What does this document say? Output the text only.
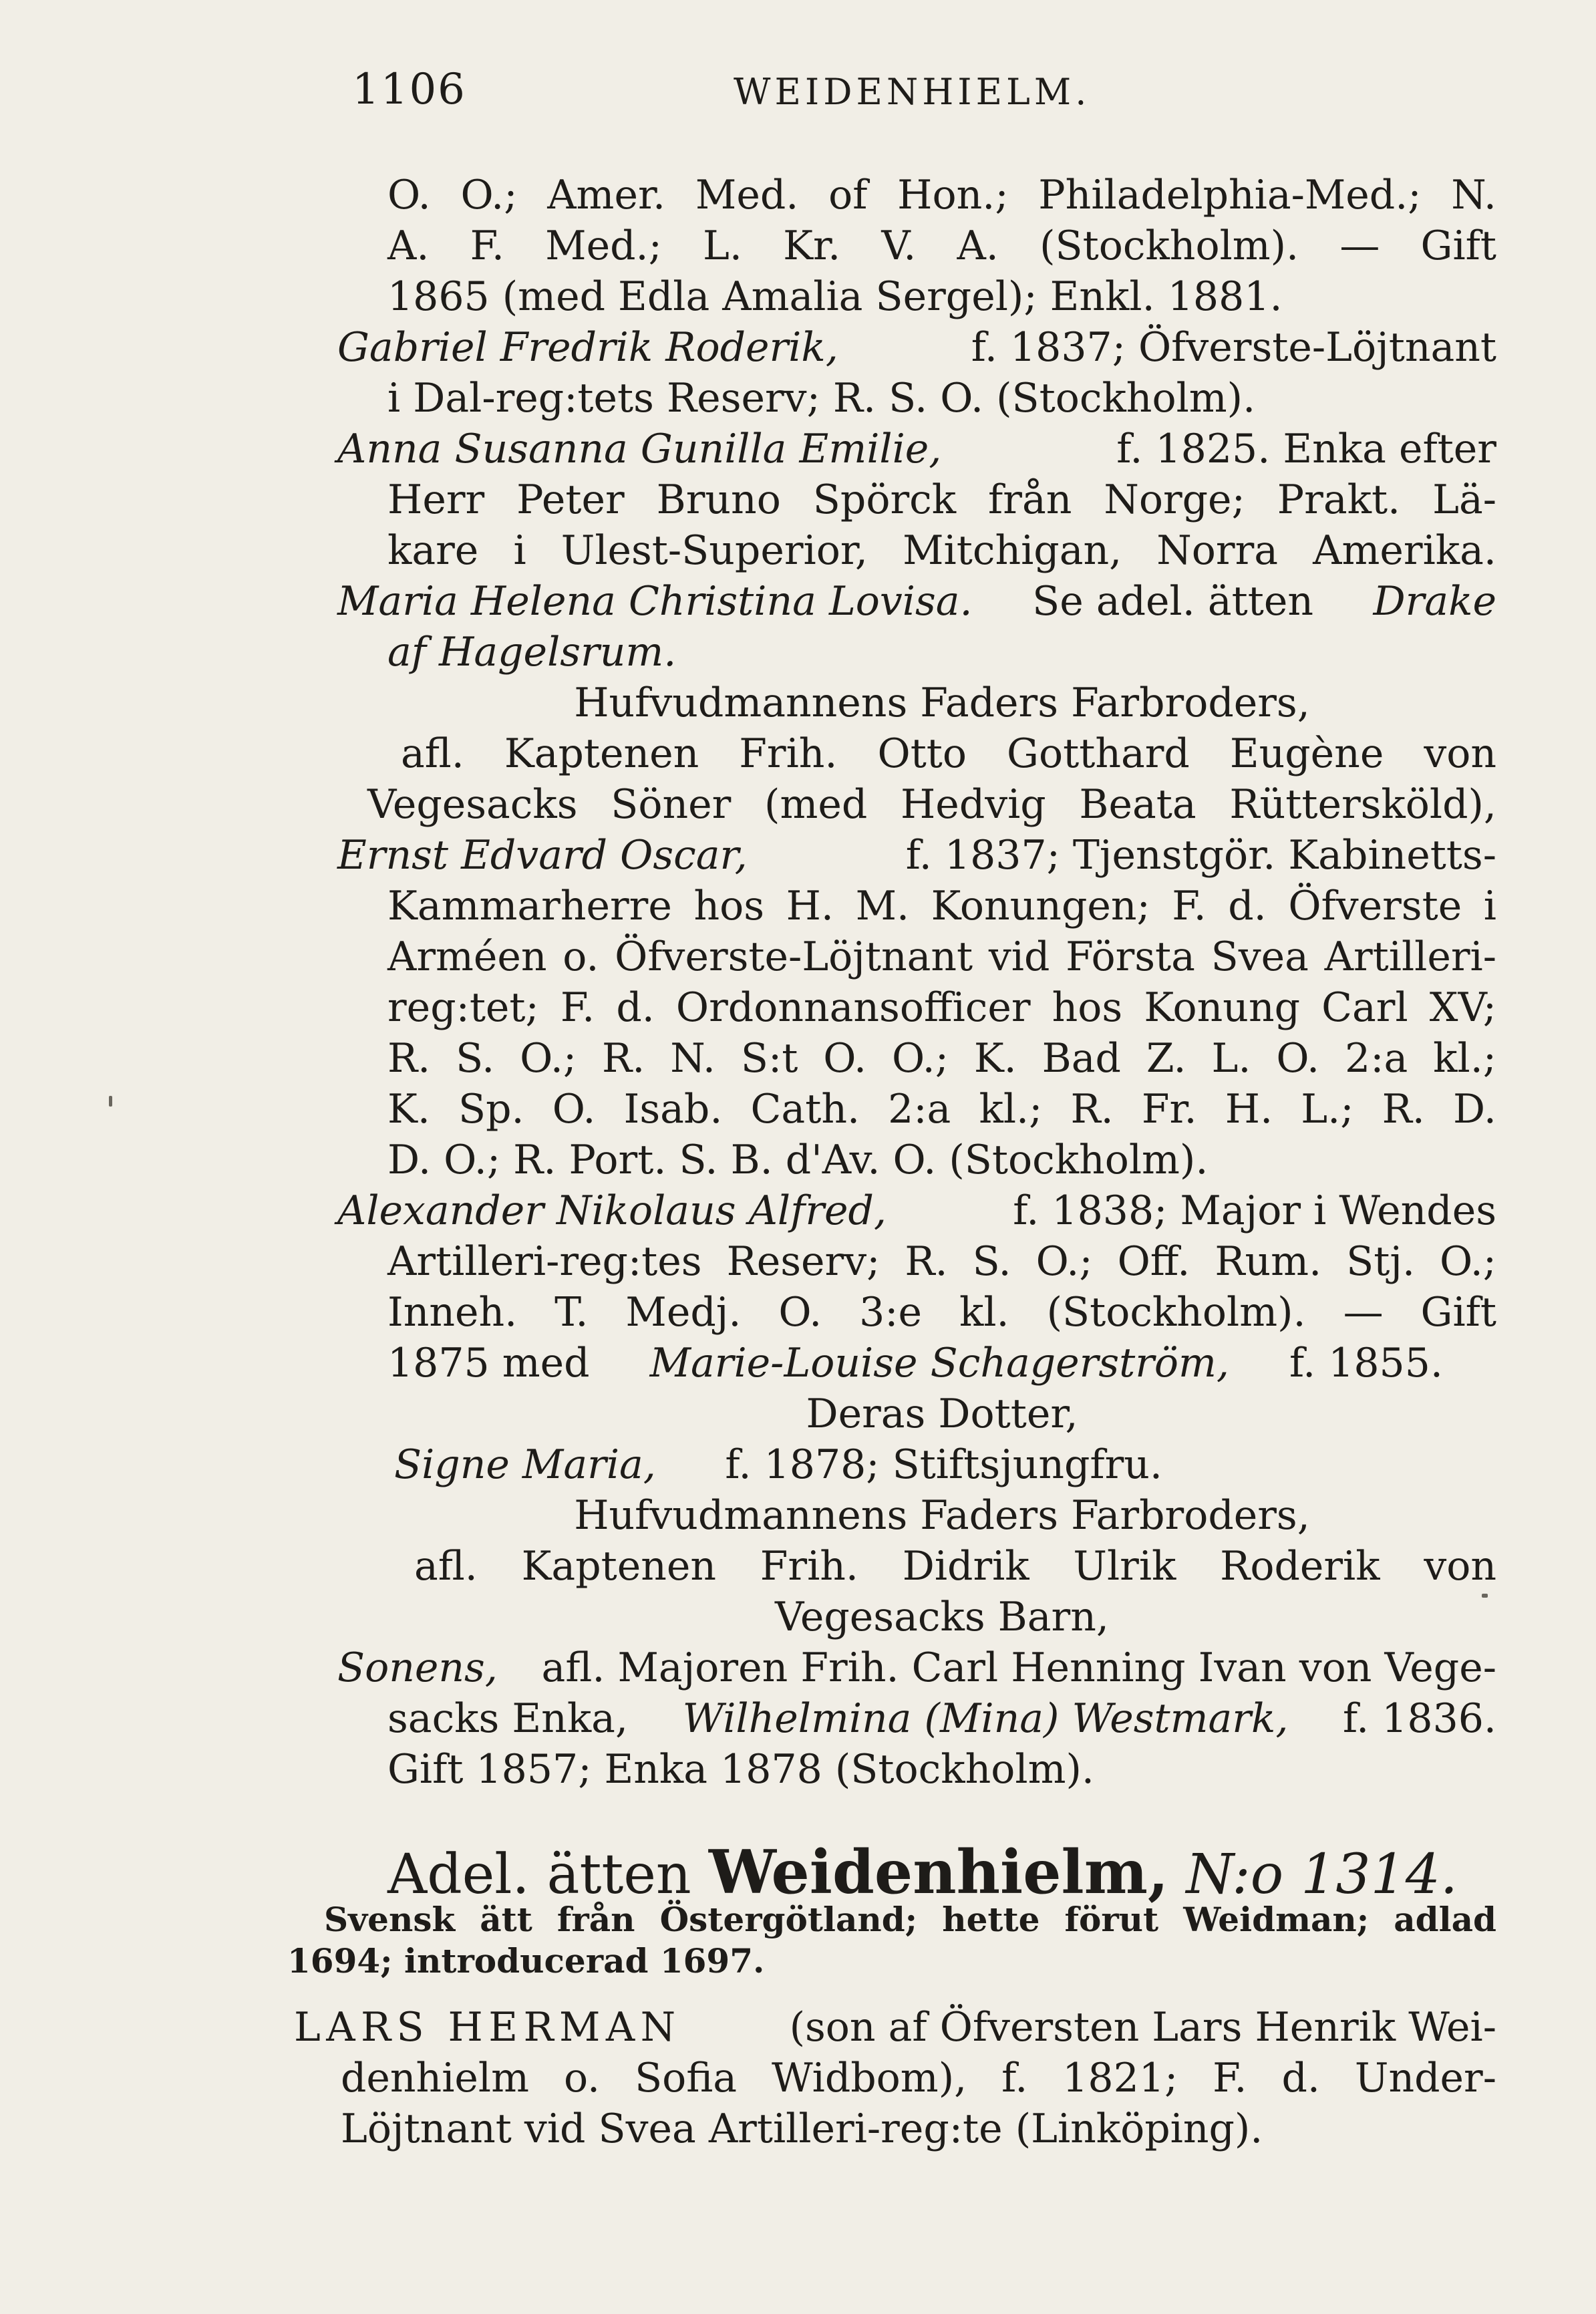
1106	WEIDENHIELM.
O. O.; Amer. Med. of Hon.; Philadelphia-Med.; N.
A. F. Med.; L. Kr. V. A. (Stockholm). — Gift
1865 (med Edla Amalia Sergel); Enkl. 1881.
Gabriel Fredrik Roderik,	f. 1837; Öfverste-Löjtnant
i Dal-reg:tets Reserv; R. S. O. (Stockholm).
Anna Susanna Gunilla Emilie,	f. 1825. Enka efter
Herr Peter Bruno Spörck från Norge; Prakt. Lä-
kare i Ulest-Superior, Mitchigan, Norra Amerika.
Maria Helena Christina Lovisa. Se adel. ätten Drake
af Hagelsrum.
Hufvudmannens Faders Farbroders,
afl. Kaptenen Frih. Otto Gotthard Eugène von
Vegesacks Söner (med Hedvig Beata Rüttersköld),
Ernst Edvard Oscar,	f. 1837; Tjenstgör. Kabinetts-
Kammarherre hos H. M. Konungen; F. d. Öfverste i
Arméen o. Öfverste-Löjtnant vid Första Svea Artilleri-
reg:tet; F. d. Ordonnansofficer hos Konung Carl XV;
R. S. O.; R. N. S:t O. O.; K. Bad Z. L. O. 2:a kl.;
K. Sp. O. Isab. Cath. 2:a kl.; R. Fr. H. L.; R. D.
D. O.; R. Port. S. B. d'Av. O. (Stockholm).
Alexander Nikolaus Alfred,	f. 1838; Major i Wendes
Artilleri-reg:tes Reserv; R. S. O.; Off. Rum. Stj. O.;
Inneh. T. Medj. O. 3:e kl. (Stockholm). — Gift
1875 med Marie-Louise Schagerström, f. 1855.
Deras Dotter,
Signe Maria, f. 1878; Stiftsjungfru.
Hufvudmannens Faders Farbroders,
afl. Kaptenen Frih. Didrik Ulrik Roderik von
Vegesacks Barn,
Sonens, afl. Majoren Frih. Carl Henning Ivan von Vege-
sacks Enka, Wilhelmina (Mina) Westmark, f. 1836.
Gift 1857; Enka 1878 (Stockholm).
Adel. ätten Weidenhielm, N:o 1314.
Svensk ätt från Östergötland; hette förut Weidman; adlad
1694; introducerad 1697.
LARS HERMAN	(son af Öfversten Lars Henrik Wei-
denhielm o. Sofia Widbom), f. 1821; F. d. Under-
Löjtnant vid Svea Artilleri-reg:te (Linköping).
